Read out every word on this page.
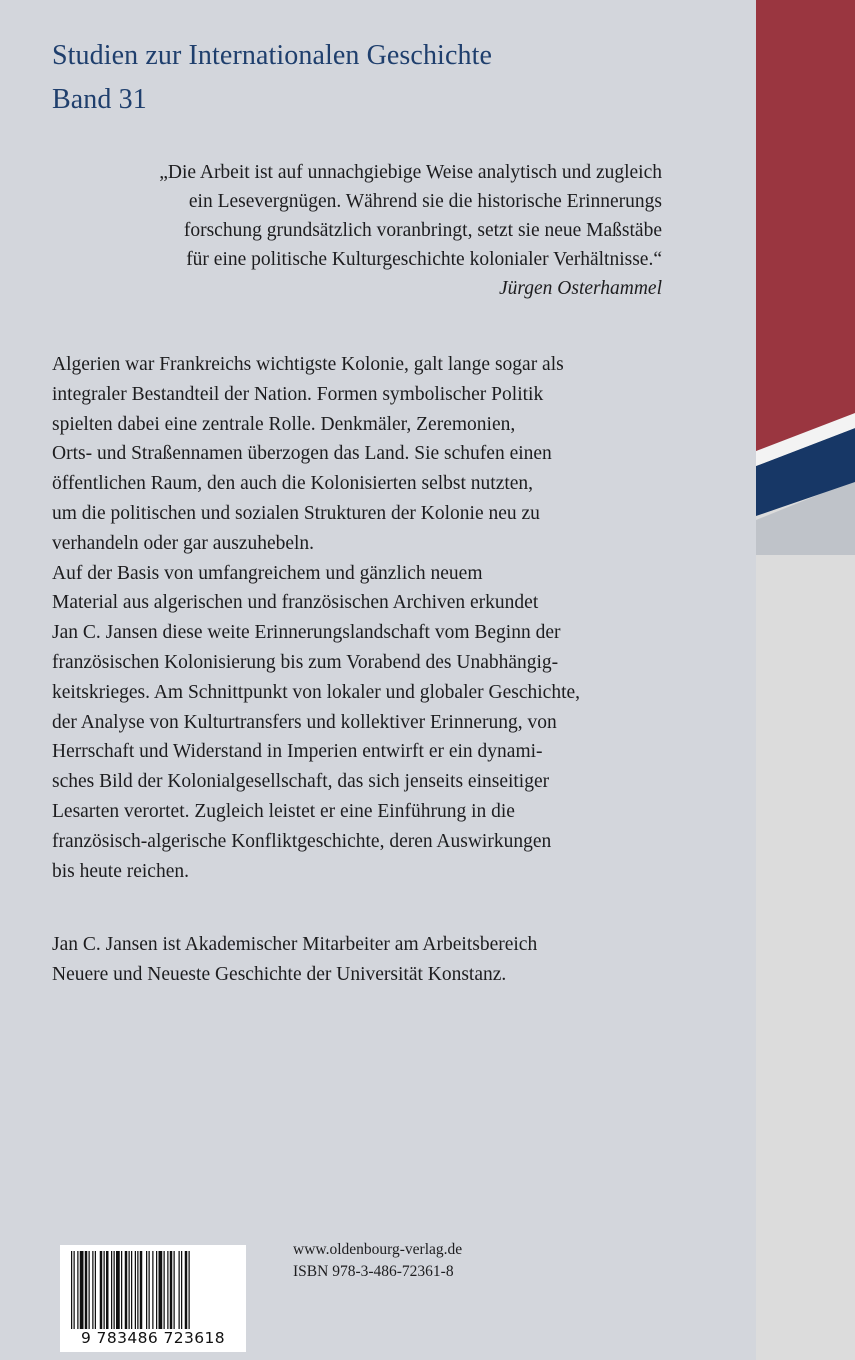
Studien zur Internationalen Geschichte
Band 31
„Die Arbeit ist auf unnachgiebige Weise analytisch und zugleich
ein Lesevergnügen. Während sie die historische Erinnerungs
forschung grundsätzlich voranbringt, setzt sie neue Maßstäbe
für eine politische Kulturgeschichte kolonialer Verhältnisse.“
Jürgen Osterhammel
Algerien war Frankreichs wichtigste Kolonie, galt lange sogar als
integraler Bestandteil der Nation. Formen symbolischer Politik
spielten dabei eine zentrale Rolle. Denkmäler, Zeremonien,
Orts- und Straßennamen überzogen das Land. Sie schufen einen
öffentlichen Raum, den auch die Kolonisierten selbst nutzten,
um die politischen und sozialen Strukturen der Kolonie neu zu
verhandeln oder gar auszuhebeln.
Auf der Basis von umfangreichem und gänzlich neuem
Material aus algerischen und französischen Archiven erkundet
Jan C. Jansen diese weite Erinnerungslandschaft vom Beginn der
französischen Kolonisierung bis zum Vorabend des Unabhängig-
keitskrieges. Am Schnittpunkt von lokaler und globaler Geschichte,
der Analyse von Kulturtransfers und kollektiver Erinnerung, von
Herrschaft und Widerstand in Imperien entwirft er ein dynami-
sches Bild der Kolonialgesellschaft, das sich jenseits einseitiger
Lesarten verortet. Zugleich leistet er eine Einführung in die
französisch-algerische Konfliktgeschichte, deren Auswirkungen
bis heute reichen.
Jan C. Jansen ist Akademischer Mitarbeiter am Arbeitsbereich
Neuere und Neueste Geschichte der Universität Konstanz.
9 783486 723618
www.oldenbourg-verlag.de
ISBN 978-3-486-72361-8
